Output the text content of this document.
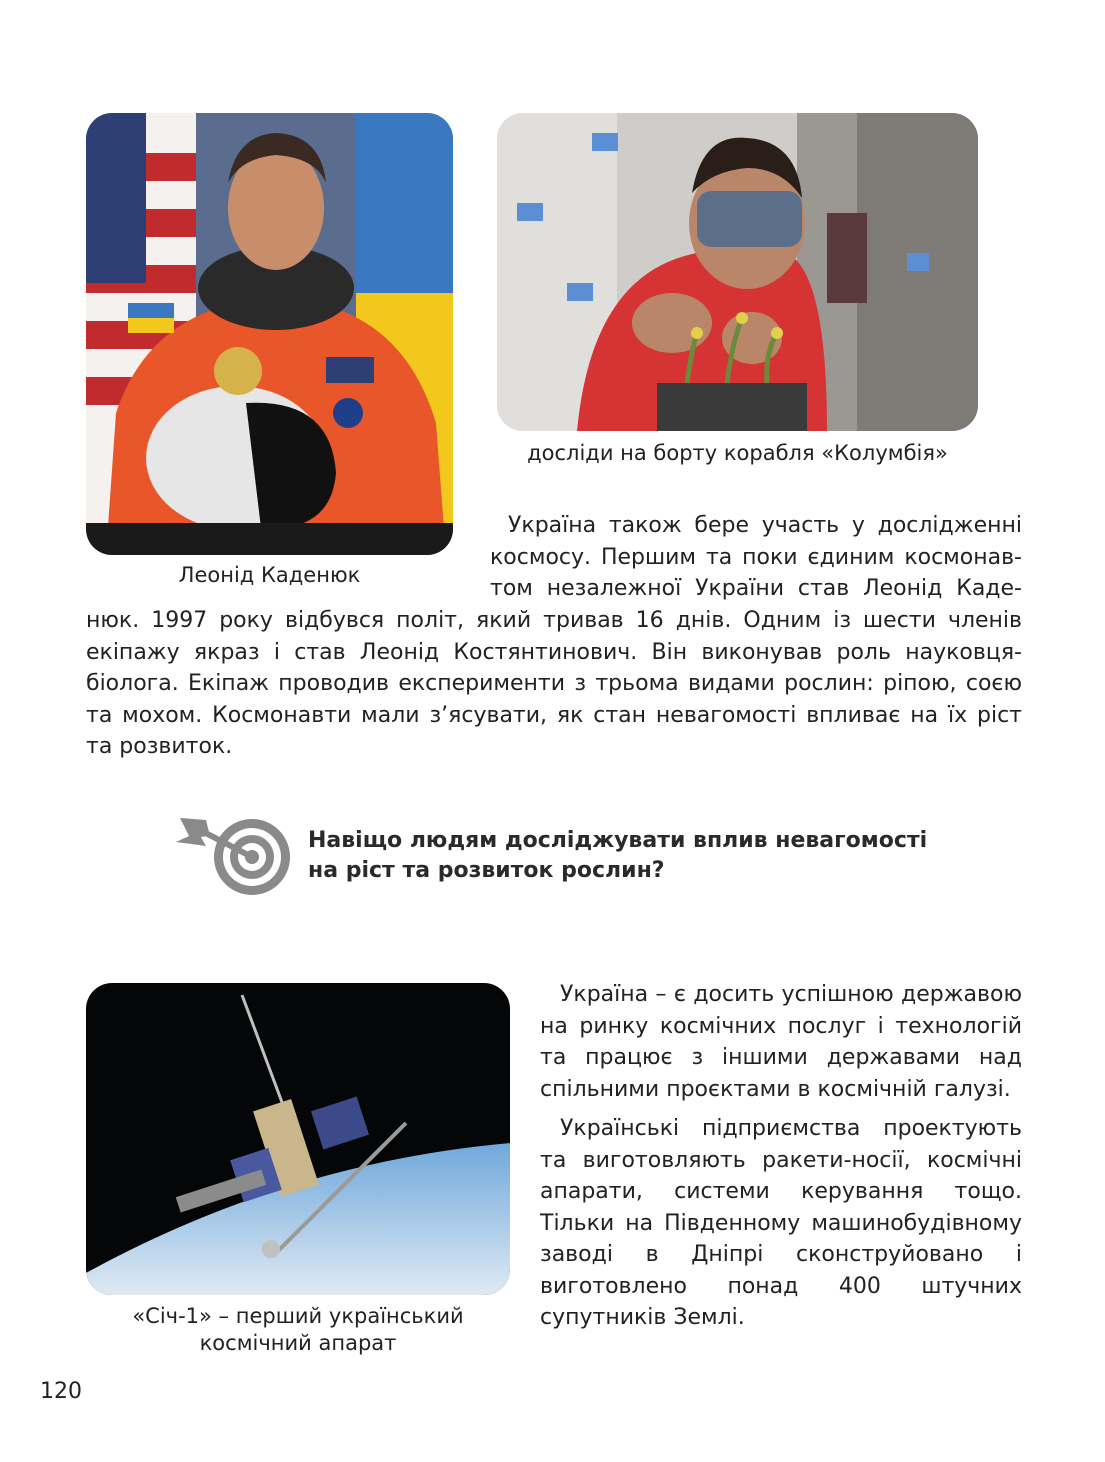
Леонід Каденюк
досліди на борту корабля «Колумбія»
Україна також бере участь у дослідженні
космосу. Першим та поки єдиним космонав-
том незалежної України став Леонід Каде-
нюк. 1997 року відбувся політ, який тривав 16 днів. Одним із шести членів екіпажу якраз і став Леонід Костянтинович. Він виконував роль науковця-біолога. Екіпаж проводив експерименти з трьома видами рослин: ріпою, соєю та мохом. Космонавти мали з’ясувати, як стан невагомості впливає на їх ріст та розвиток.
Навіщо людям досліджувати вплив невагомості
на ріст та розвиток рослин?
«Січ-1» – перший український
космічний апарат

Україна – є досить успішною державою на ринку космічних послуг і технологій та працює з іншими державами над спільними проєктами в космічній галузі.

Українські підприємства проектують та виготовляють ракети-носії, космічні апарати, системи керування тощо. Тільки на Південному машинобудівному заводі в Дніпрі сконструйовано і виготовлено понад 400 штучних супутників Землі.

120
